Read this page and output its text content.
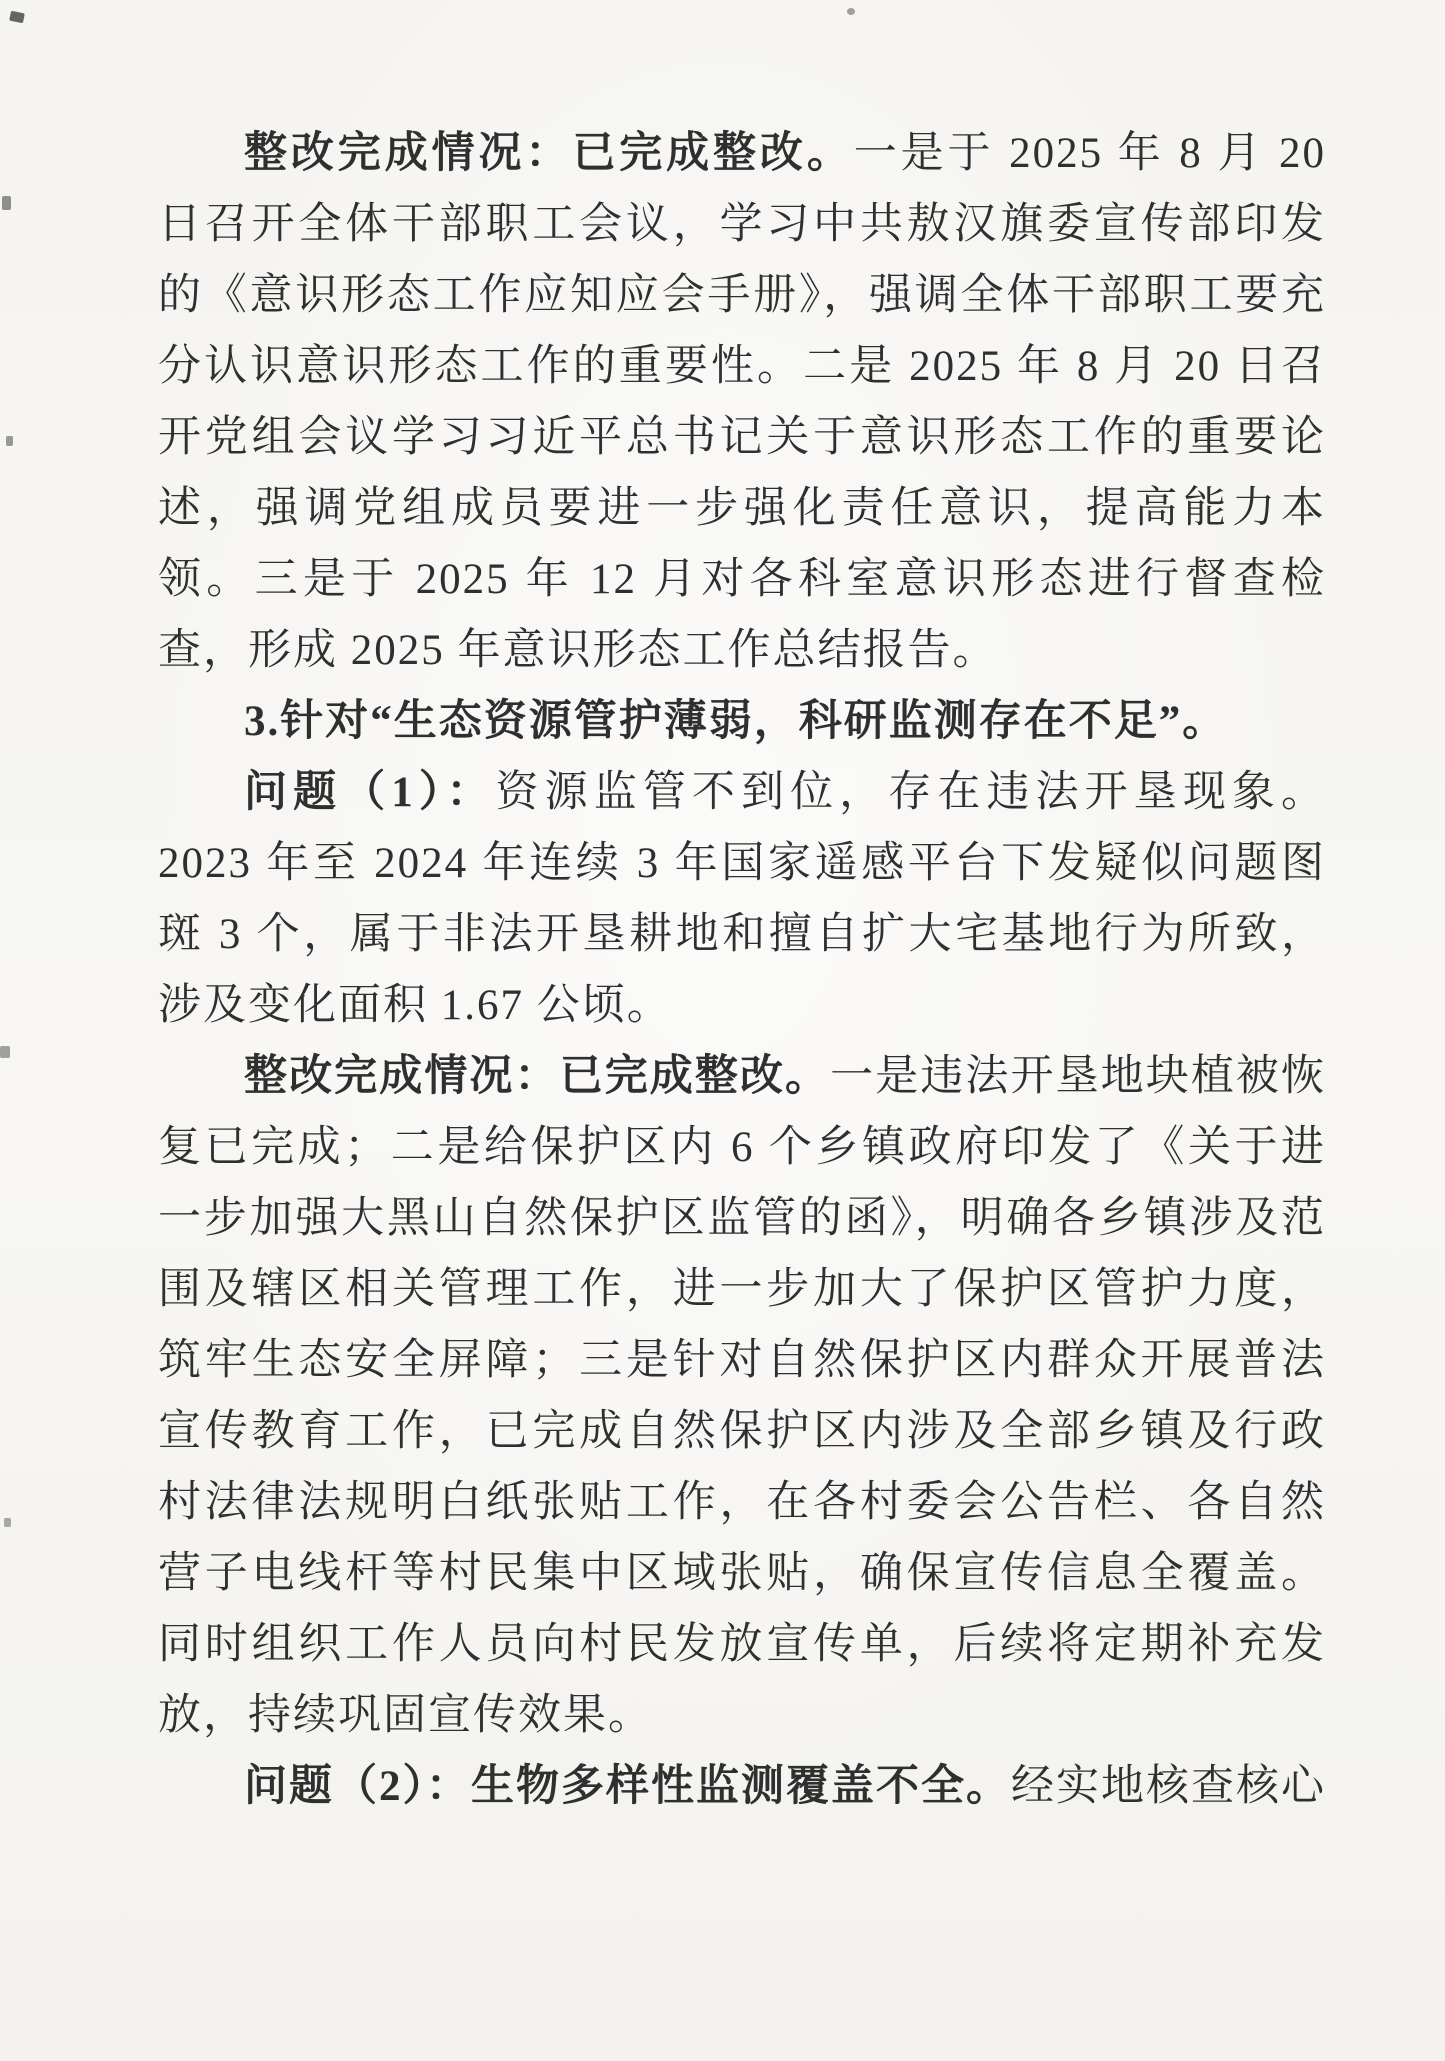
整改完成情况：已完成整改。一是于 2025 年 8 月 20 日召开全体干部职工会议，学习中共敖汉旗委宣传部印发的《意识形态工作应知应会手册》，强调全体干部职工要充分认识意识形态工作的重要性。二是 2025 年 8 月 20 日召开党组会议学习习近平总书记关于意识形态工作的重要论述，强调党组成员要进一步强化责任意识，提高能力本领。三是于 2025 年 12 月对各科室意识形态进行督查检查，形成 2025 年意识形态工作总结报告。

3.针对“生态资源管护薄弱，科研监测存在不足”。

问题（1）：资源监管不到位，存在违法开垦现象。2023 年至 2024 年连续 3 年国家遥感平台下发疑似问题图斑 3 个，属于非法开垦耕地和擅自扩大宅基地行为所致，涉及变化面积 1.67 公顷。

整改完成情况：已完成整改。一是违法开垦地块植被恢复已完成；二是给保护区内 6 个乡镇政府印发了《关于进一步加强大黑山自然保护区监管的函》，明确各乡镇涉及范围及辖区相关管理工作，进一步加大了保护区管护力度，筑牢生态安全屏障；三是针对自然保护区内群众开展普法宣传教育工作，已完成自然保护区内涉及全部乡镇及行政村法律法规明白纸张贴工作，在各村委会公告栏、各自然营子电线杆等村民集中区域张贴，确保宣传信息全覆盖。同时组织工作人员向村民发放宣传单，后续将定期补充发放，持续巩固宣传效果。

问题（2）：生物多样性监测覆盖不全。经实地核查核心
